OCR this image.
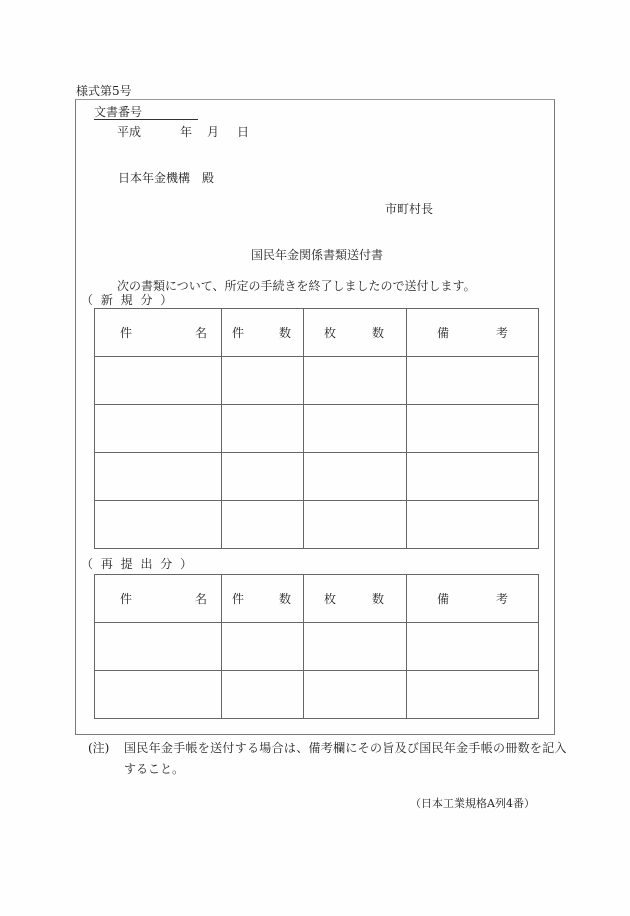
様式第5号
文書番号
平成	年 月 日
日本年金機構　殿
市町村長
国民年金関係書類送付書
次の書類について、所定の手続きを終了しましたので送付します。
（ 新 規 分 ）
件 名	件 数	枚 数	備 考

（ 再 提 出 分 ）
件 名	件 数	枚 数	備 考

(注) 国民年金手帳を送付する場合は、備考欄にその旨及び国民年金手帳の冊数を記入
すること。
（日本工業規格A列4番）
